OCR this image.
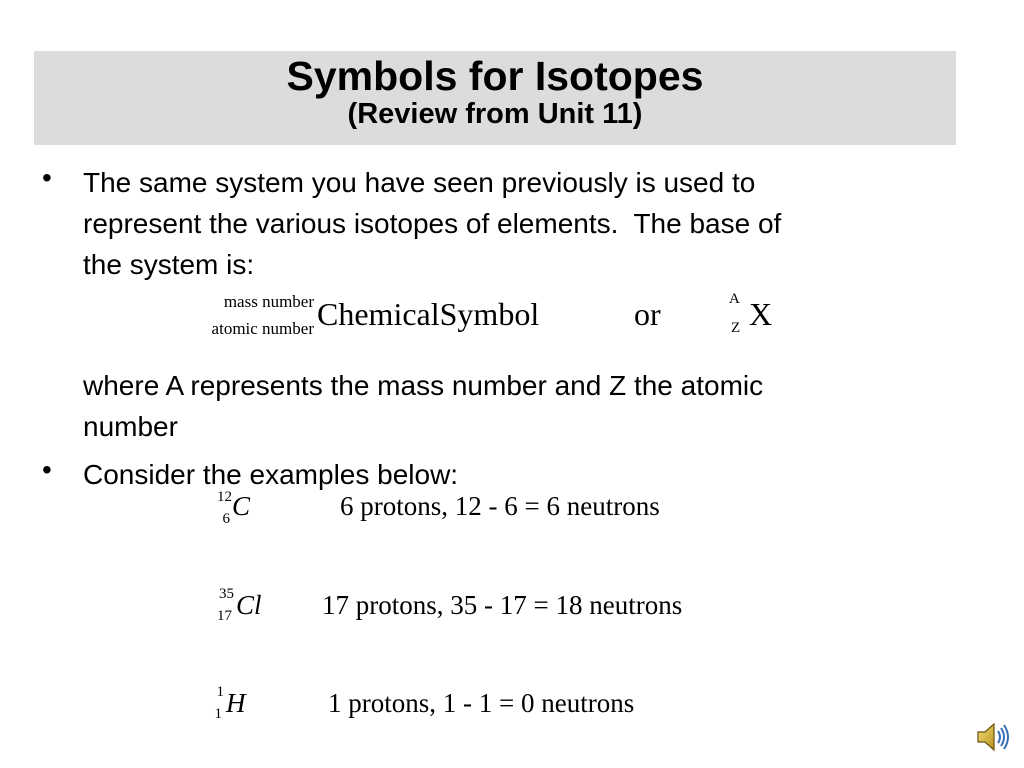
Symbols for Isotopes
(Review from Unit 11)
• The same system you have seen previously is used to
represent the various isotopes of elements.  The base of
the system is:
mass number
atomic number ChemicalSymbol	or	A
Z X
where A represents the mass number and Z the atomic
number
• Consider the examples below:
12
6 C	6 protons, 12 - 6 = 6 neutrons
35
17 Cl 17 protons, 35 - 17 = 18 neutrons
1
1 H	1 protons, 1 - 1 = 0 neutrons
